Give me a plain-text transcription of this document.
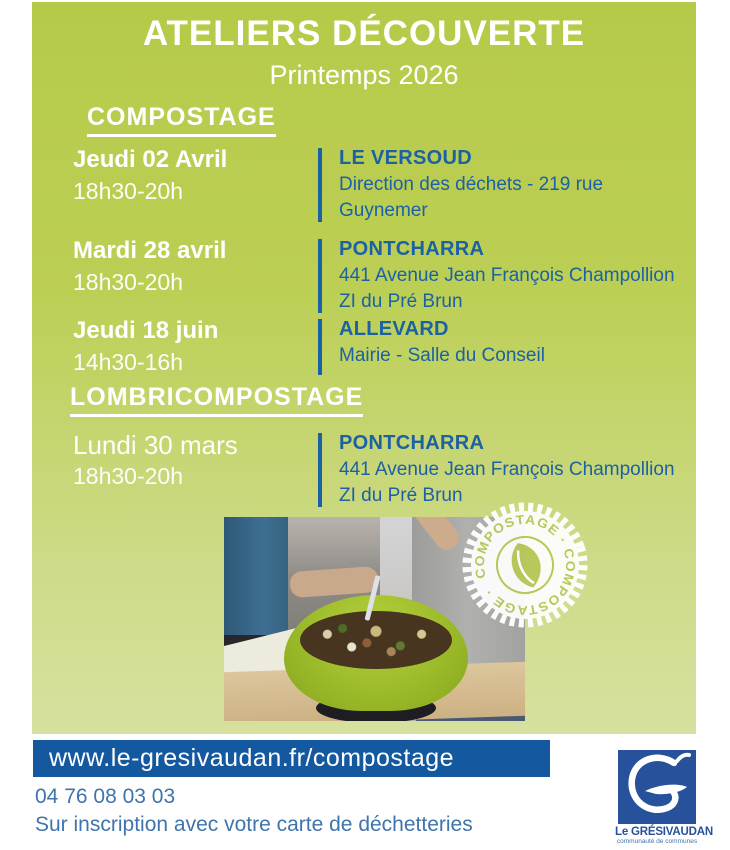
ATELIERS DÉCOUVERTE
Printemps 2026
COMPOSTAGE
Jeudi 02 Avril
18h30-20h
LE VERSOUD
Direction des déchets - 219 rue Guynemer
Mardi 28 avril
18h30-20h
PONTCHARRA
441 Avenue Jean François Champollion ZI du Pré Brun
Jeudi 18 juin
14h30-16h
ALLEVARD
Mairie - Salle du Conseil
LOMBRICOMPOSTAGE
Lundi 30 mars
18h30-20h
PONTCHARRA
441 Avenue Jean François Champollion ZI du Pré Brun
COMPOSTAGE · COMPOSTAGE ·
www.le-gresivaudan.fr/compostage
04 76 08 03 03
Sur inscription avec votre carte de déchetteries	Le GRÉSIVAUDAN
communauté de communes
